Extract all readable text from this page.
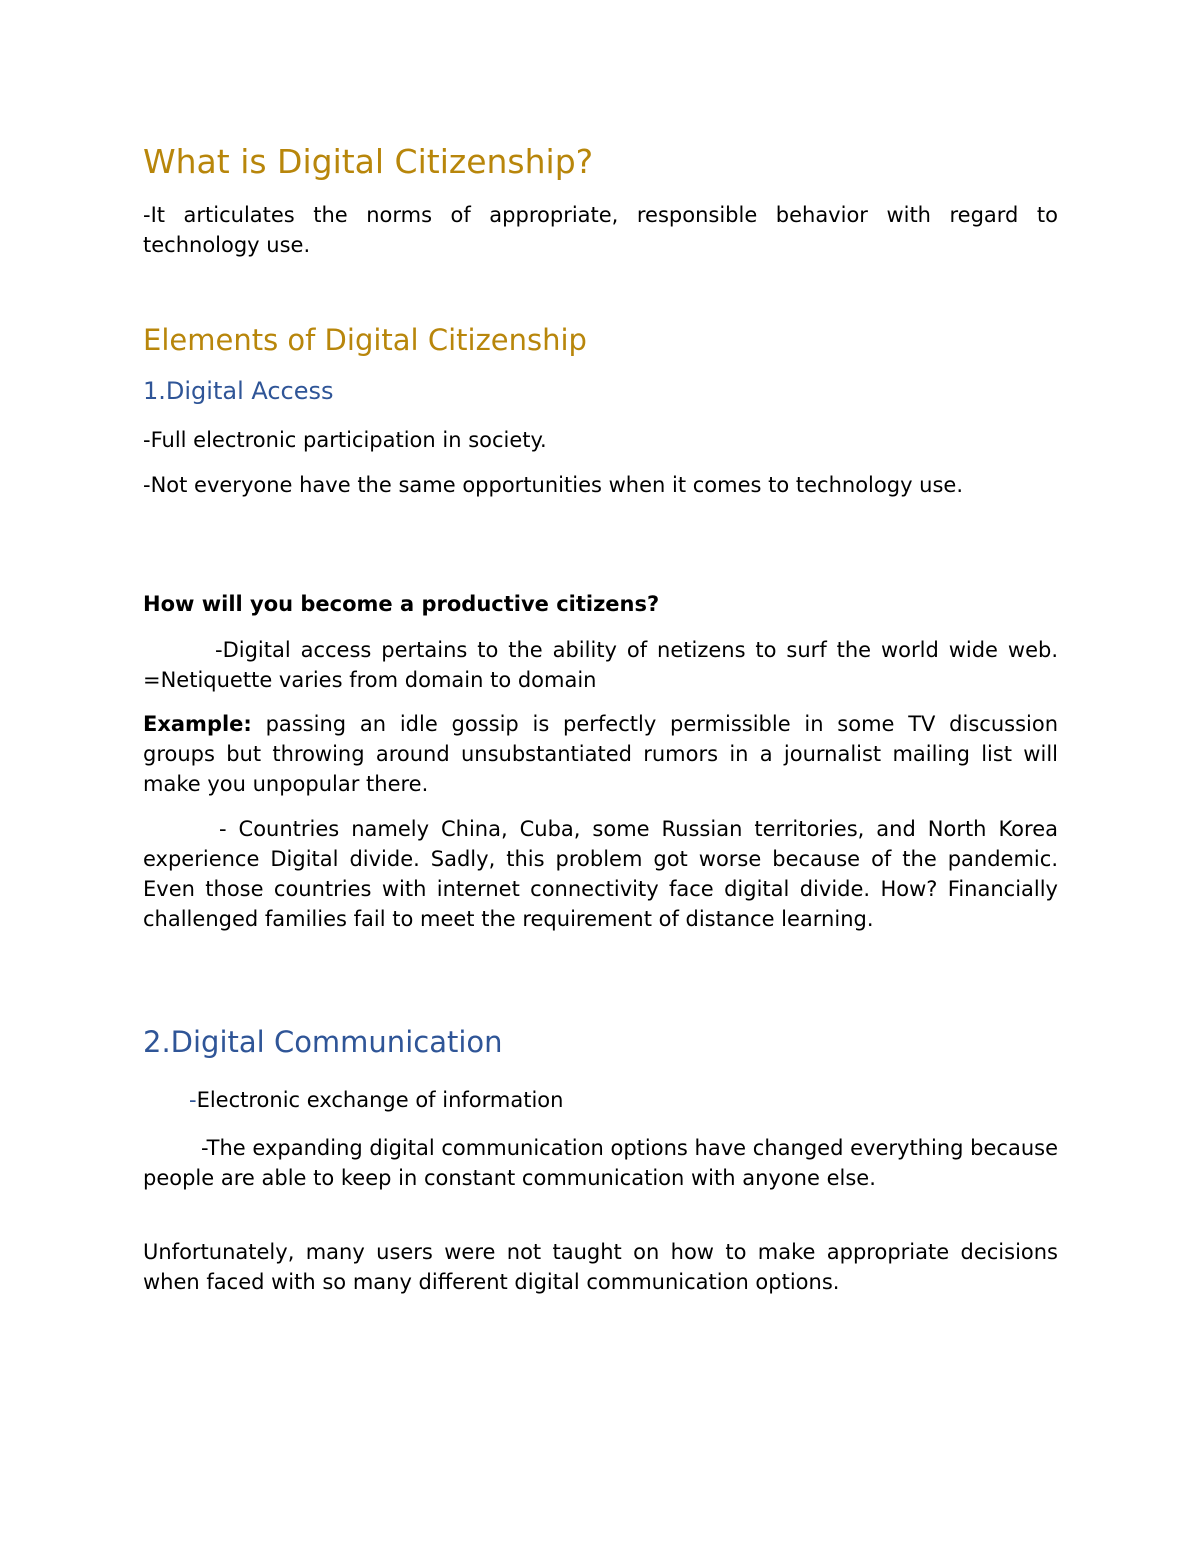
What is Digital Citizenship?

-It articulates the norms of appropriate, responsible behavior with regard to technology use.

Elements of Digital Citizenship
1.Digital Access

-Full electronic participation in society.

-Not everyone have the same opportunities when it comes to technology use.

How will you become a productive citizens?

-Digital access pertains to the ability of netizens to surf the world wide web. =Netiquette varies from domain to domain

Example: passing an idle gossip is perfectly permissible in some TV discussion groups but throwing around unsubstantiated rumors in a journalist mailing list will make you unpopular there.

- Countries namely China, Cuba, some Russian territories, and North Korea experience Digital divide. Sadly, this problem got worse because of the pandemic. Even those countries with internet connectivity face digital divide. How? Financially challenged families fail to meet the requirement of distance learning.

2.Digital Communication

-Electronic exchange of information

-The expanding digital communication options have changed everything because people are able to keep in constant communication with anyone else.

Unfortunately, many users were not taught on how to make appropriate decisions when faced with so many different digital communication options.
